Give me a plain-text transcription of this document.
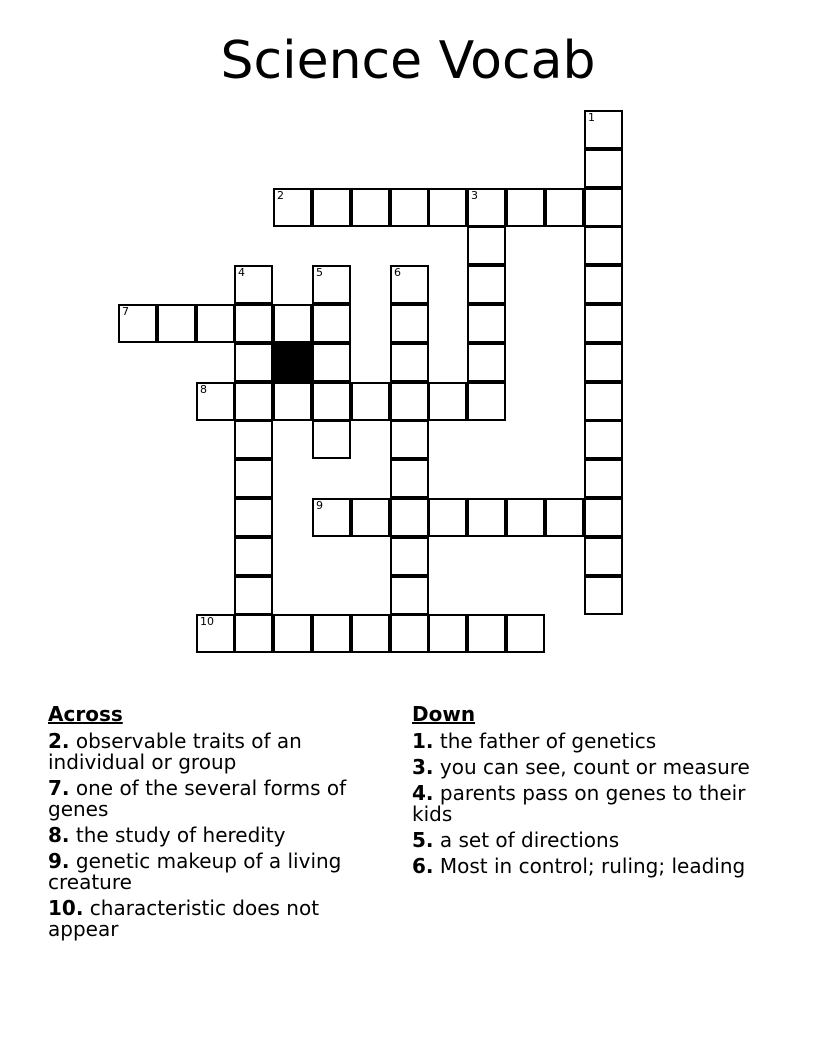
Science Vocab
1
2	3
4	5	6
7
8
9
10
Across
2. observable traits of an individual or group
7. one of the several forms of genes
8. the study of heredity
9. genetic makeup of a living creature
10. characteristic does not appear
Down
1. the father of genetics
3. you can see, count or measure
4. parents pass on genes to their kids
5. a set of directions
6. Most in control; ruling; leading
